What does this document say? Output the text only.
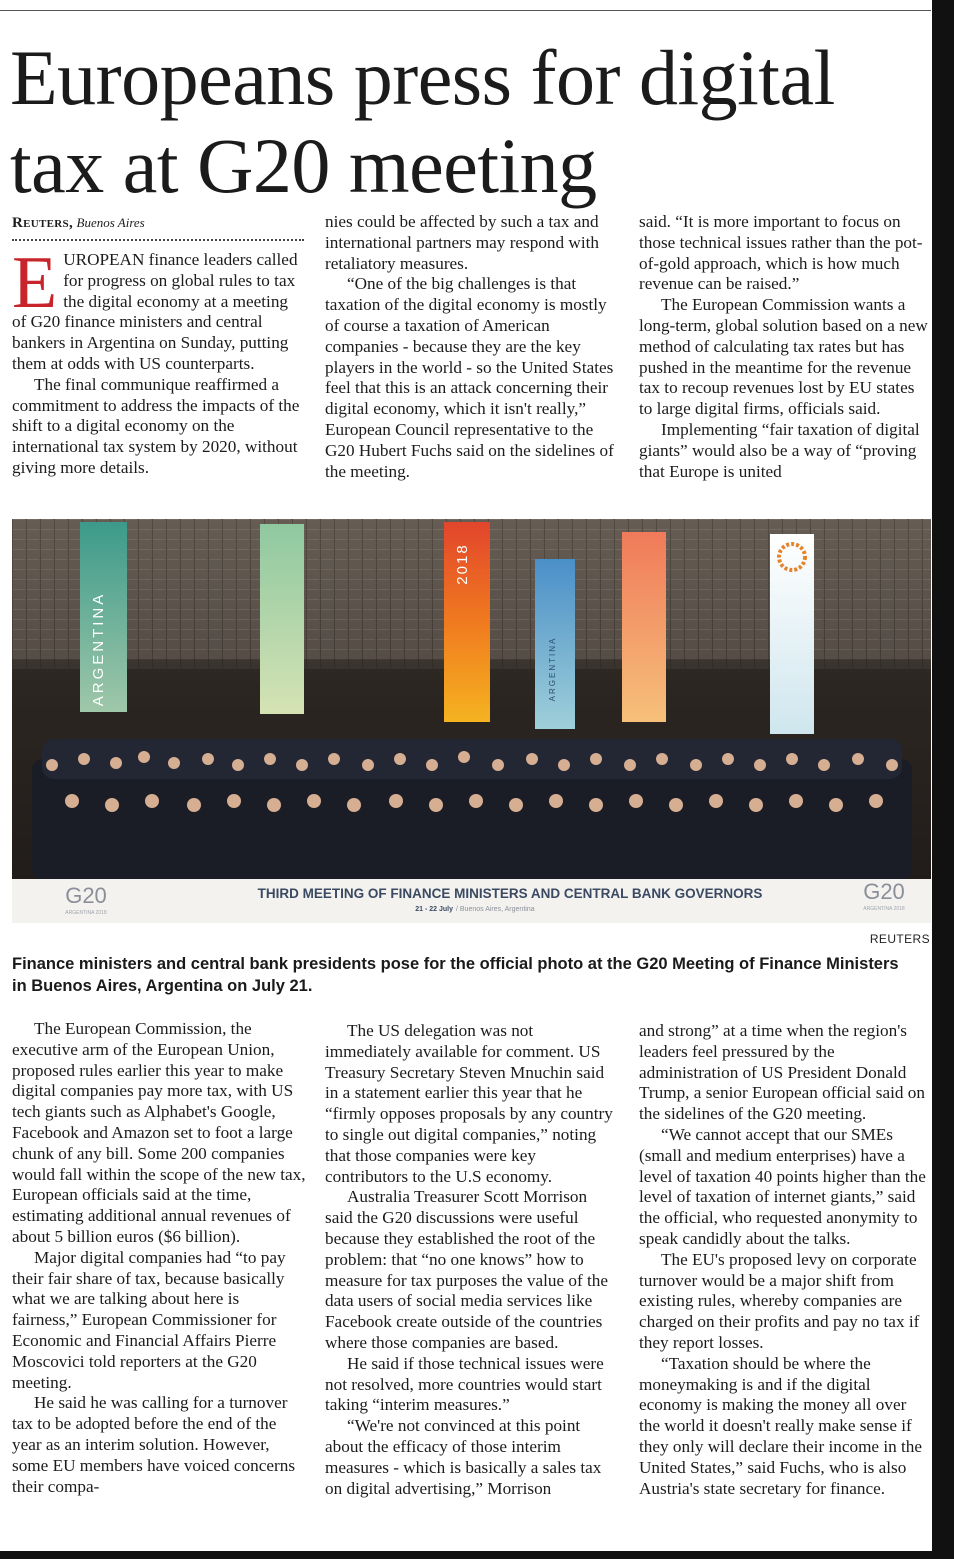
Europeans press for digital tax at G20 meeting
Reuters, Buenos Aires

EUROPEAN finance leaders called for progress on global rules to tax the digital economy at a meeting of G20 finance ministers and central bankers in Argentina on Sunday, putting them at odds with US counterparts.

The final communique reaffirmed a commitment to address the impacts of the shift to a digital economy on the international tax system by 2020, without giving more details.

nies could be affected by such a tax and international partners may respond with retaliatory measures.

“One of the big challenges is that taxation of the digital economy is mostly of course a taxation of American companies - because they are the key players in the world - so the United States feel that this is an attack concerning their digital economy, which it isn't really,” European Council representative to the G20 Hubert Fuchs said on the sidelines of the meeting.

said. “It is more important to focus on those technical issues rather than the pot-of-gold approach, which is how much revenue can be raised.”

The European Commission wants a long-term, global solution based on a new method of calculating tax rates but has pushed in the meantime for the revenue tax to recoup revenues lost by EU states to large digital firms, officials said.

Implementing “fair taxation of digital giants” would also be a way of “proving that Europe is united

ARGENTINA
2018
ARGENTINA
G20
ARGENTINA 2018
THIRD MEETING OF FINANCE MINISTERS AND CENTRAL BANK GOVERNORS
21 - 22 July / Buenos Aires, Argentina
G20
ARGENTINA 2018
REUTERS
Finance ministers and central bank presidents pose for the official photo at the G20 Meeting of Finance Ministers in Buenos Aires, Argentina on July 21.

The European Commission, the executive arm of the European Union, proposed rules earlier this year to make digital companies pay more tax, with US tech giants such as Alphabet's Google, Facebook and Amazon set to foot a large chunk of any bill. Some 200 companies would fall within the scope of the new tax, European officials said at the time, estimating additional annual revenues of about 5 billion euros ($6 billion).

Major digital companies had “to pay their fair share of tax, because basically what we are talking about here is fairness,” European Commissioner for Economic and Financial Affairs Pierre Moscovici told reporters at the G20 meeting.

He said he was calling for a turnover tax to be adopted before the end of the year as an interim solution. However, some EU members have voiced concerns their compa-

The US delegation was not immediately available for comment. US Treasury Secretary Steven Mnuchin said in a statement earlier this year that he “firmly opposes proposals by any country to single out digital companies,” noting that those companies were key contributors to the U.S economy.

Australia Treasurer Scott Morrison said the G20 discussions were useful because they established the root of the problem: that “no one knows” how to measure for tax purposes the value of the data users of social media services like Facebook create outside of the countries where those companies are based.

He said if those technical issues were not resolved, more countries would start taking “interim measures.”

“We're not convinced at this point about the efficacy of those interim measures - which is basically a sales tax on digital advertising,” Morrison

and strong” at a time when the region's leaders feel pressured by the administration of US President Donald Trump, a senior European official said on the sidelines of the G20 meeting.

“We cannot accept that our SMEs (small and medium enterprises) have a level of taxation 40 points higher than the level of taxation of internet giants,” said the official, who requested anonymity to speak candidly about the talks.

The EU's proposed levy on corporate turnover would be a major shift from existing rules, whereby companies are charged on their profits and pay no tax if they report losses.

“Taxation should be where the moneymaking is and if the digital economy is making the money all over the world it doesn't really make sense if they only will declare their income in the United States,” said Fuchs, who is also Austria's state secretary for finance.
